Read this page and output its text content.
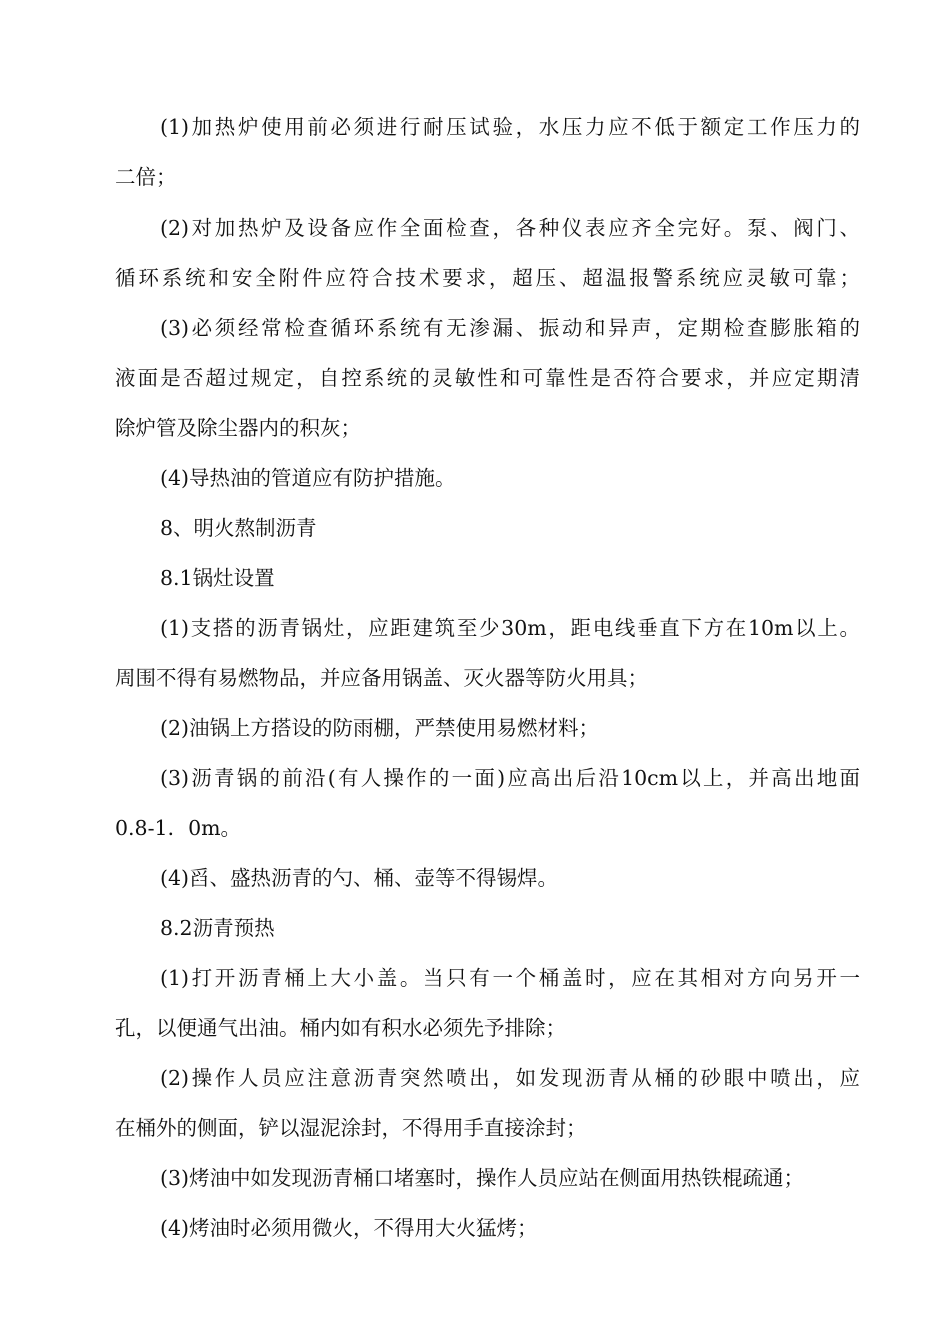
(1)加热炉使用前必须进行耐压试验，水压力应不低于额定工作压力的
二倍；
(2)对加热炉及设备应作全面检查，各种仪表应齐全完好。泵、阀门、
循环系统和安全附件应符合技术要求，超压、超温报警系统应灵敏可靠；
(3)必须经常检查循环系统有无渗漏、振动和异声，定期检查膨胀箱的
液面是否超过规定，自控系统的灵敏性和可靠性是否符合要求，并应定期清
除炉管及除尘器内的积灰；
(4)导热油的管道应有防护措施。
8、明火熬制沥青
8.1锅灶设置
(1)支搭的沥青锅灶，应距建筑至少30m，距电线垂直下方在10m以上。
周围不得有易燃物品，并应备用锅盖、灭火器等防火用具；
(2)油锅上方搭设的防雨棚，严禁使用易燃材料；
(3)沥青锅的前沿(有人操作的一面)应高出后沿10cm以上，并高出地面
0.8-1．0m。
(4)舀、盛热沥青的勺、桶、壶等不得锡焊。
8.2沥青预热
(1)打开沥青桶上大小盖。当只有一个桶盖时，应在其相对方向另开一
孔，以便通气出油。桶内如有积水必须先予排除；
(2)操作人员应注意沥青突然喷出，如发现沥青从桶的砂眼中喷出，应
在桶外的侧面，铲以湿泥涂封，不得用手直接涂封；
(3)烤油中如发现沥青桶口堵塞时，操作人员应站在侧面用热铁棍疏通；
(4)烤油时必须用微火，不得用大火猛烤；
